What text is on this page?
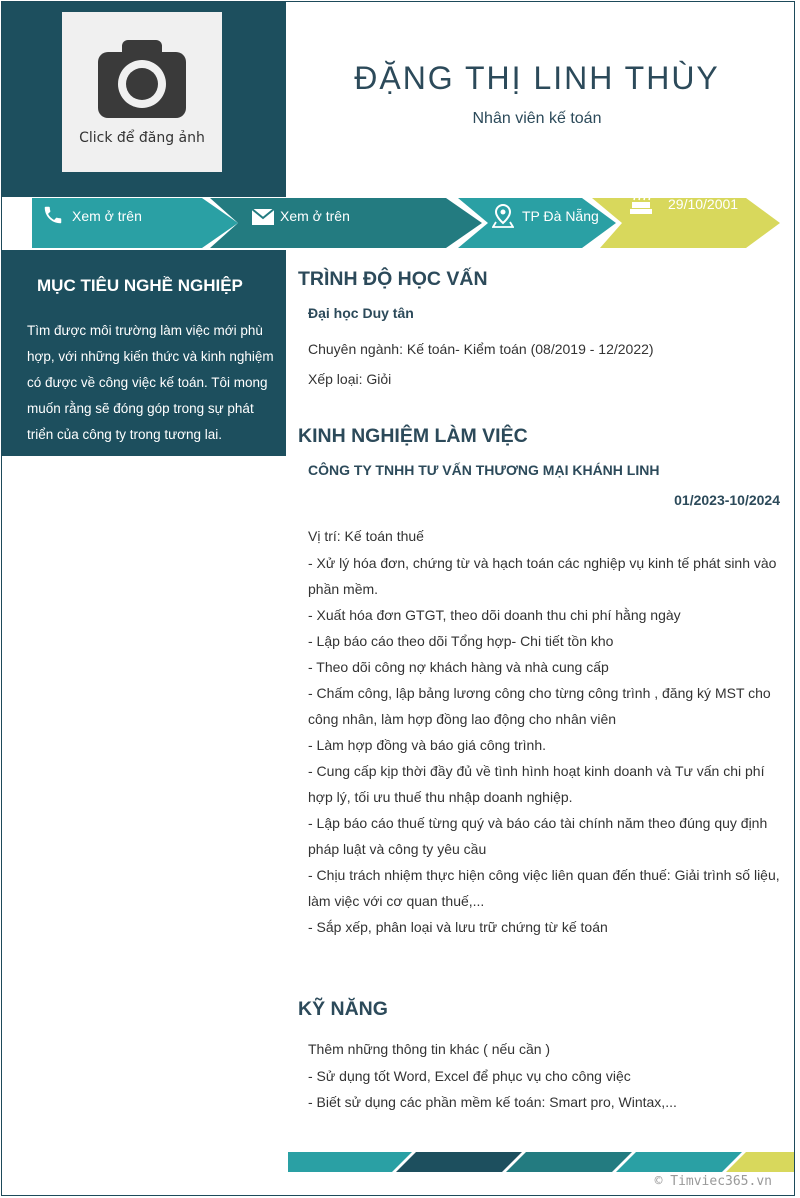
Click để đăng ảnh
ĐẶNG THỊ LINH THÙY
Nhân viên kế toán
Xem ở trên	Xem ở trên	TP Đà Nẵng
29/10/2001
MỤC TIÊU NGHỀ NGHIỆP
Tìm được môi trường làm việc mới phù hợp, với những kiến thức và kinh nghiệm có được về công việc kế toán. Tôi mong muốn rằng sẽ đóng góp trong sự phát triển của công ty trong tương lai.
TRÌNH ĐỘ HỌC VẤN
Đại học Duy tân
Chuyên ngành: Kế toán- Kiểm toán (08/2019 - 12/2022)
Xếp loại: Giỏi
KINH NGHIỆM LÀM VIỆC
CÔNG TY TNHH TƯ VẤN THƯƠNG MẠI KHÁNH LINH
01/2023-10/2024
Vị trí: Kế toán thuế
- Xử lý hóa đơn, chứng từ và hạch toán các nghiệp vụ kinh tế phát sinh vào phần mềm.
- Xuất hóa đơn GTGT, theo dõi doanh thu chi phí hằng ngày
- Lập báo cáo theo dõi Tổng hợp- Chi tiết tồn kho
- Theo dõi công nợ khách hàng và nhà cung cấp
- Chấm công, lập bảng lương công cho từng công trình , đăng ký MST cho công nhân, làm hợp đồng lao động cho nhân viên
- Làm hợp đồng và báo giá công trình.
- Cung cấp kịp thời đầy đủ về tình hình hoạt kinh doanh và Tư vấn chi phí hợp lý, tối ưu thuế thu nhập doanh nghiệp.
- Lập báo cáo thuế từng quý và báo cáo tài chính năm theo đúng quy định pháp luật và công ty yêu cầu
- Chịu trách nhiệm thực hiện công việc liên quan đến thuế: Giải trình số liệu, làm việc với cơ quan thuế,...
- Sắp xếp, phân loại và lưu trữ chứng từ kế toán
KỸ NĂNG
Thêm những thông tin khác ( nếu cần )
- Sử dụng tốt Word, Excel để phục vụ cho công việc
- Biết sử dụng các phần mềm kế toán: Smart pro, Wintax,...
© Timviec365.vn
